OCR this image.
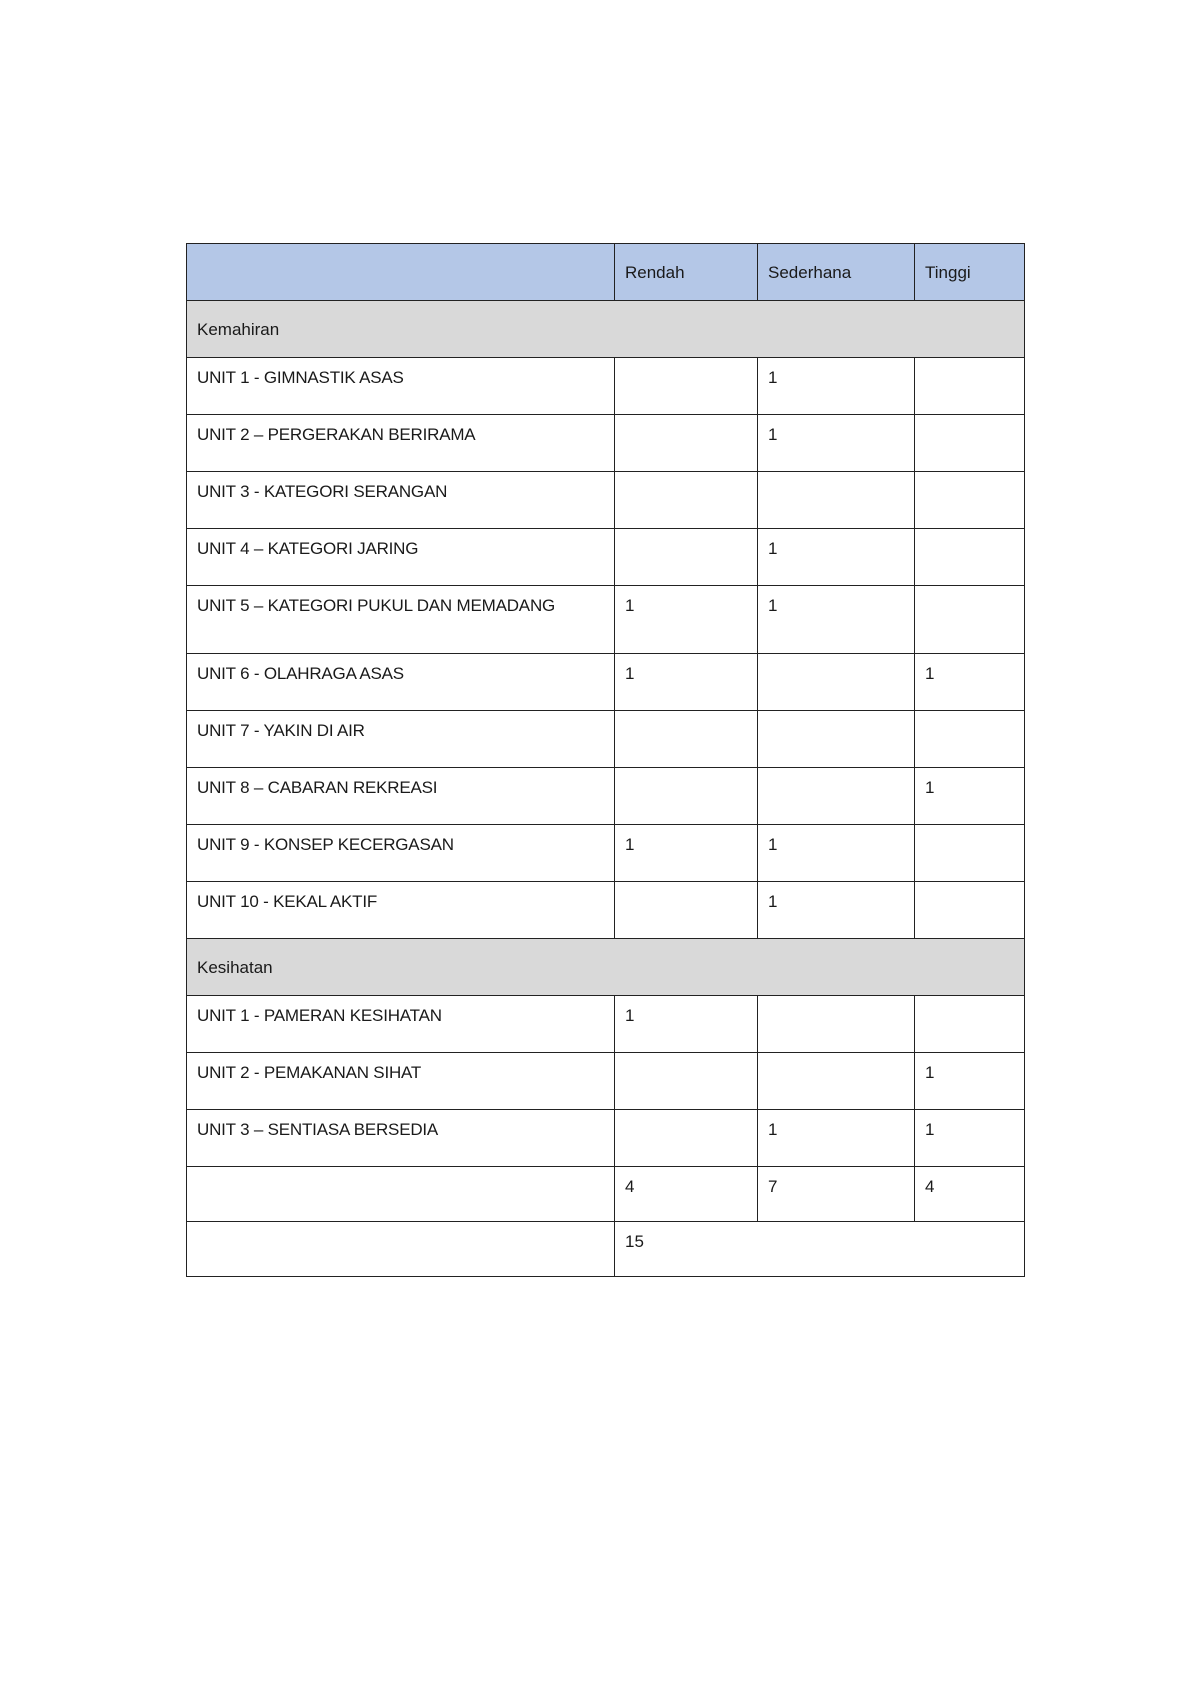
	Rendah	Sederhana	Tinggi
Kemahiran			
UNIT 1 - GIMNASTIK ASAS		1	
UNIT 2 – PERGERAKAN BERIRAMA		1	
UNIT 3 - KATEGORI SERANGAN			
UNIT 4 – KATEGORI JARING		1	
UNIT 5 – KATEGORI PUKUL DAN MEMADANG	1	1	
UNIT 6 - OLAHRAGA ASAS	1		1
UNIT 7 - YAKIN DI AIR			
UNIT 8 – CABARAN REKREASI			1
UNIT 9 - KONSEP KECERGASAN	1	1	
UNIT 10 - KEKAL AKTIF		1	
Kesihatan			
UNIT 1 - PAMERAN KESIHATAN	1		
UNIT 2 - PEMAKANAN SIHAT			1
UNIT 3 – SENTIASA BERSEDIA		1	1
	4	7	4
	15		
